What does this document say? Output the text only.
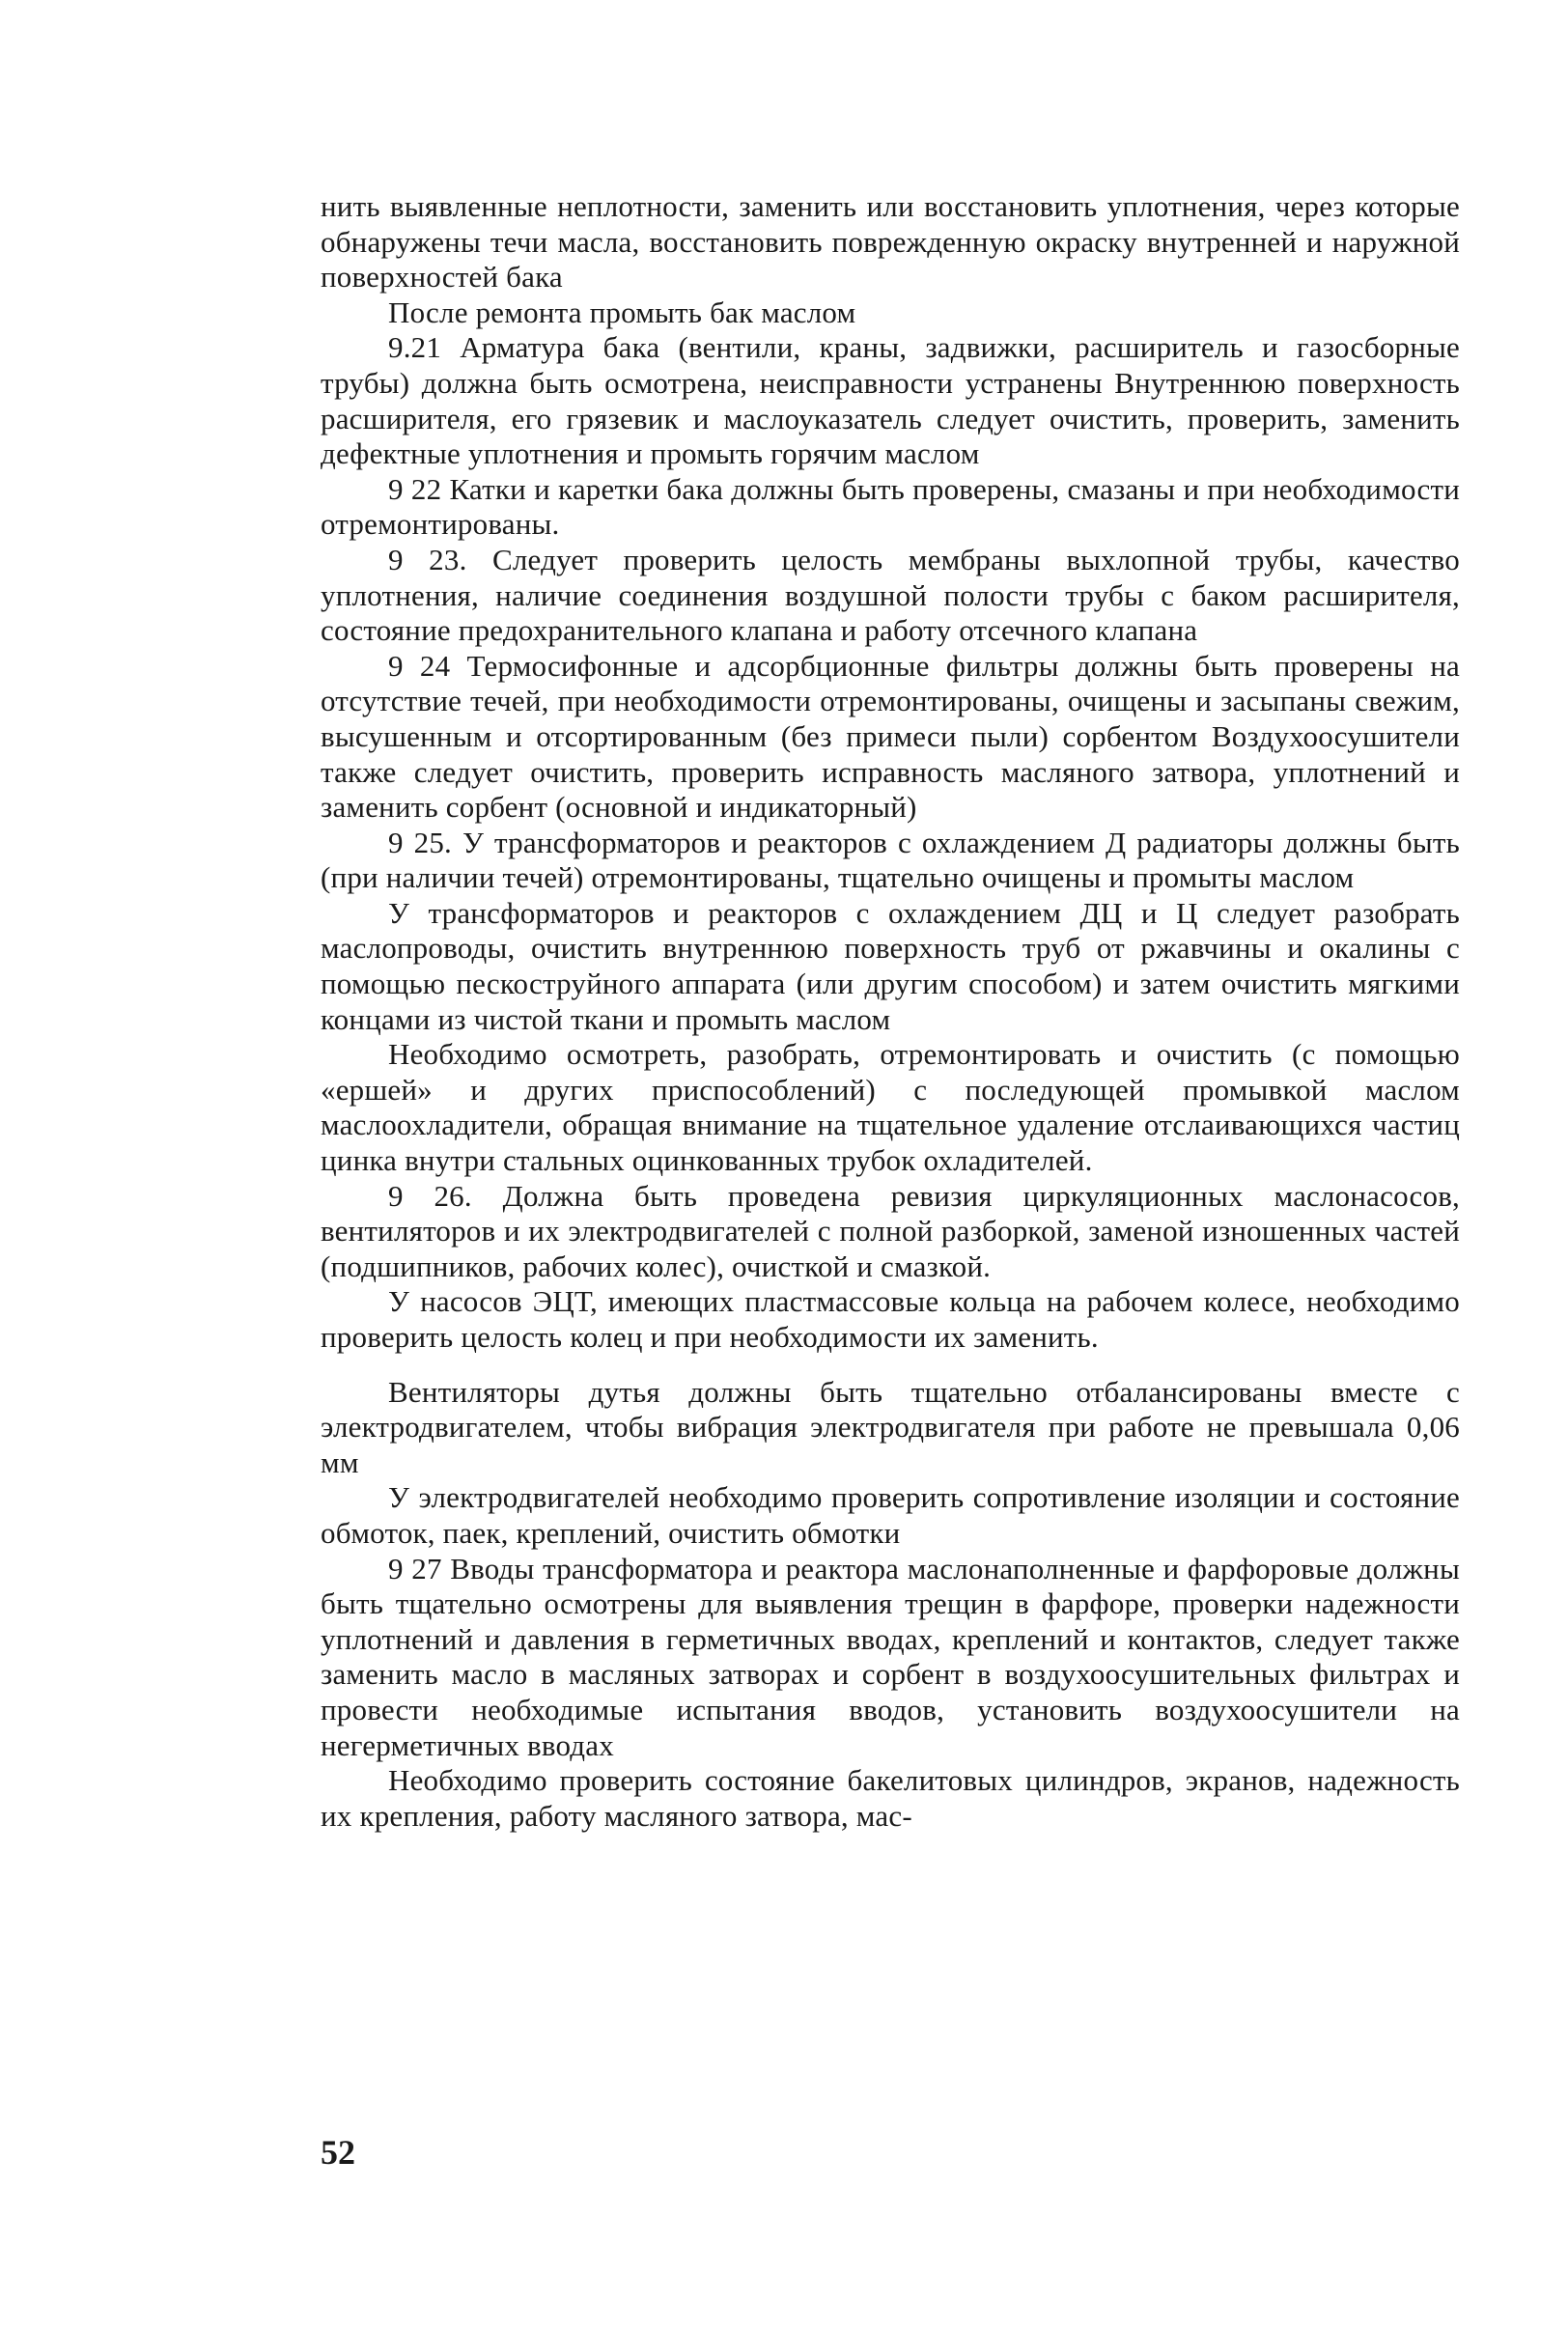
нить выявленные неплотности, заменить или восстановить уплотнения, через которые обнаружены течи масла, восстановить поврежденную окраску внутренней и наружной поверхностей бака

После ремонта промыть бак маслом

9.21 Арматура бака (вентили, краны, задвижки, расширитель и газосборные трубы) должна быть осмотрена, неисправности устранены Внутреннюю поверхность расширителя, его грязевик и маслоуказатель следует очистить, проверить, заменить дефектные уплотнения и промыть горячим маслом

9 22 Катки и каретки бака должны быть проверены, смазаны и при необходимости отремонтированы.

9 23. Следует проверить целость мембраны выхлопной трубы, качество уплотнения, наличие соединения воздушной полости трубы с баком расширителя, состояние предохранительного клапана и работу отсечного клапана

9 24 Термосифонные и адсорбционные фильтры должны быть проверены на отсутствие течей, при необходимости отремонтированы, очищены и засыпаны свежим, высушенным и отсортированным (без примеси пыли) сорбентом Воздухоосушители также следует очистить, проверить исправность масляного затвора, уплотнений и заменить сорбент (основной и индикаторный)

9 25. У трансформаторов и реакторов с охлаждением Д радиаторы должны быть (при наличии течей) отремонтированы, тщательно очищены и промыты маслом

У трансформаторов и реакторов с охлаждением ДЦ и Ц следует разобрать маслопроводы, очистить внутреннюю поверхность труб от ржавчины и окалины с помощью пескоструйного аппарата (или другим способом) и затем очистить мягкими концами из чистой ткани и промыть маслом

Необходимо осмотреть, разобрать, отремонтировать и очистить (с помощью «ершей» и других приспособлений) с последующей промывкой маслом маслоохладители, обращая внимание на тщательное удаление отслаивающихся частиц цинка внутри стальных оцинкованных трубок охладителей.

9 26. Должна быть проведена ревизия циркуляционных маслонасосов, вентиляторов и их электродвигателей с полной разборкой, заменой изношенных частей (подшипников, рабочих колес), очисткой и смазкой.

У насосов ЭЦТ, имеющих пластмассовые кольца на рабочем колесе, необходимо проверить целость колец и при необходимости их заменить.

Вентиляторы дутья должны быть тщательно отбалансированы вместе с электродвигателем, чтобы вибрация электродвигателя при работе не превышала 0,06 мм

У электродвигателей необходимо проверить сопротивление изоляции и состояние обмоток, паек, креплений, очистить обмотки

9 27 Вводы трансформатора и реактора маслонаполненные и фарфоровые должны быть тщательно осмотрены для выявления трещин в фарфоре, проверки надежности уплотнений и давления в герметичных вводах, креплений и контактов, следует также заменить масло в масляных затворах и сорбент в воздухоосушительных фильтрах и провести необходимые испытания вводов, установить воздухоосушители на негерметичных вводах

Необходимо проверить состояние бакелитовых цилиндров, экранов, надежность их крепления, работу масляного затвора, мас-

52
